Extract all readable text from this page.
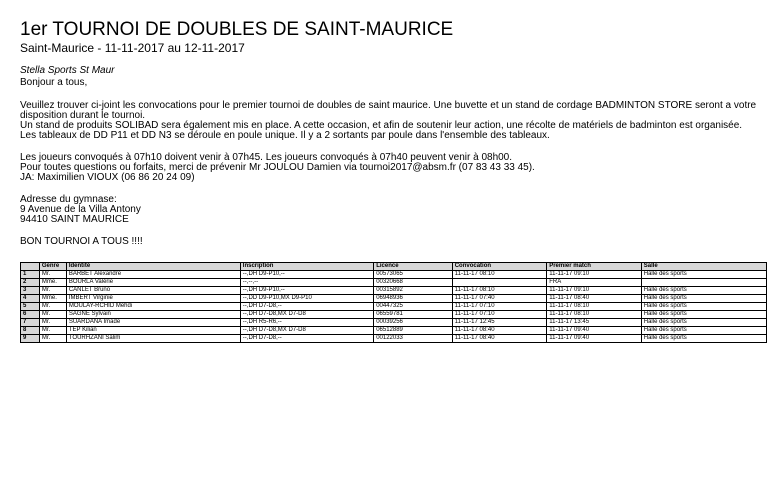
1er TOURNOI DE DOUBLES DE SAINT-MAURICE
Saint-Maurice - 11-11-2017 au 12-11-2017
Stella Sports St Maur
Bonjour a tous,
Veuillez trouver ci-joint les convocations pour le premier tournoi de doubles de saint maurice. Une buvette et un stand de cordage BADMINTON STORE seront a votre disposition durant le tournoi.
Un stand de produits SOLIBAD sera également mis en place. A cette occasion, et afin de soutenir leur action, une récolte de matériels de badminton est organisée.
Les tableaux de DD P11 et DD N3 se déroule en poule unique. Il y a 2 sortants par poule dans l'ensemble des tableaux.
Les joueurs convoqués à 07h10 doivent venir à 07h45. Les joueurs convoqués à 07h40 peuvent venir à 08h00.
Pour toutes questions ou forfaits, merci de prévenir Mr JOULOU Damien via tournoi2017@absm.fr (07 83 43 33 45).
JA: Maximilien VIOUX (06 86 20 24 09)
Adresse du gymnase:
9 Avenue de la Villa Antony
94410 SAINT MAURICE
BON TOURNOI A TOUS !!!!
	Genre	Identité	Inscription	Licence	Convocation	Premier match	Salle
1	Mr.	BARBET Alexandre	--,DH D9-P10,--	00573065	11-11-17 08:10	11-11-17 09:10	Halle des sports
2	Mme.	BOURLA Valérie	--,--,--	00320668		FRA	
3	Mr.	CANLET Bruno	--,DH D9-P10,--	00315892	11-11-17 08:10	11-11-17 09:10	Halle des sports
4	Mme.	IMBERT Virginie	--,DD D9-P10,MX D9-P10	06948936	11-11-17 07:40	11-11-17 08:40	Halle des sports
5	Mr.	MOULAY-RCHID Mehdi	--,DH D7-D8,--	00447325	11-11-17 07:10	11-11-17 08:10	Halle des sports
6	Mr.	SAGNE Sylvain	--,DH D7-D8,MX D7-D8	06559781	11-11-17 07:10	11-11-17 08:10	Halle des sports
7	Mr.	SUARDANA Imade	--,DH R5-R6,--	00039256	11-11-17 12:45	11-11-17 13:45	Halle des sports
8	Mr.	TEP Kilian	--,DH D7-D8,MX D7-D8	06512889	11-11-17 08:40	11-11-17 09:40	Halle des sports
9	Mr.	TOURHZANI Salim	--,DH D7-D8,--	00122033	11-11-17 08:40	11-11-17 09:40	Halle des sports
